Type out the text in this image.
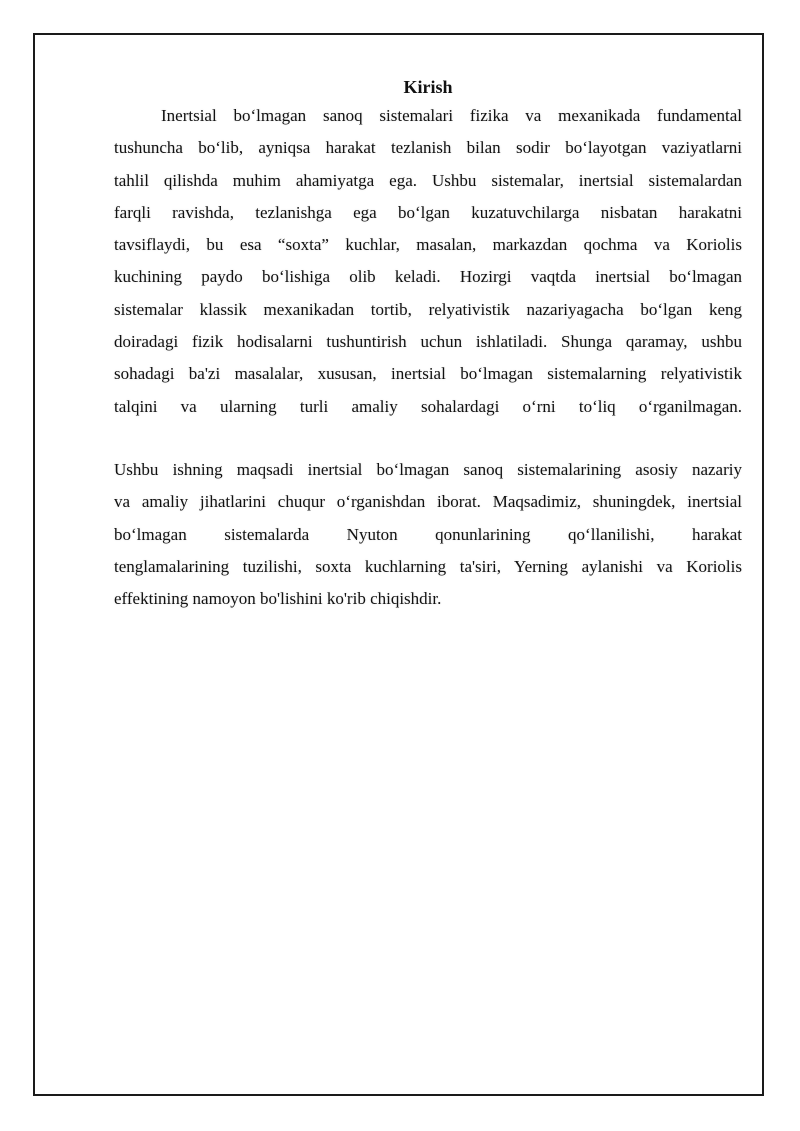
Kirish
Inertsial bo‘lmagan sanoq sistemalari fizika va mexanikada fundamental
tushuncha bo‘lib, ayniqsa harakat tezlanish bilan sodir bo‘layotgan vaziyatlarni
tahlil qilishda muhim ahamiyatga ega. Ushbu sistemalar, inertsial sistemalardan
farqli ravishda, tezlanishga ega bo‘lgan kuzatuvchilarga nisbatan harakatni
tavsiflaydi, bu esa “soxta” kuchlar, masalan, markazdan qochma va Koriolis
kuchining paydo bo‘lishiga olib keladi. Hozirgi vaqtda inertsial bo‘lmagan
sistemalar klassik mexanikadan tortib, relyativistik nazariyagacha bo‘lgan keng
doiradagi fizik hodisalarni tushuntirish uchun ishlatiladi. Shunga qaramay, ushbu
sohadagi ba'zi masalalar, xususan, inertsial bo‘lmagan sistemalarning relyativistik
talqini va ularning turli amaliy sohalardagi o‘rni to‘liq o‘rganilmagan.
Ushbu ishning maqsadi inertsial bo‘lmagan sanoq sistemalarining asosiy nazariy
va amaliy jihatlarini chuqur o‘rganishdan iborat. Maqsadimiz, shuningdek, inertsial
bo‘lmagan sistemalarda Nyuton qonunlarining qo‘llanilishi, harakat
tenglamalarining tuzilishi, soxta kuchlarning ta'siri, Yerning aylanishi va Koriolis
effektining namoyon bo'lishini ko'rib chiqishdir.
